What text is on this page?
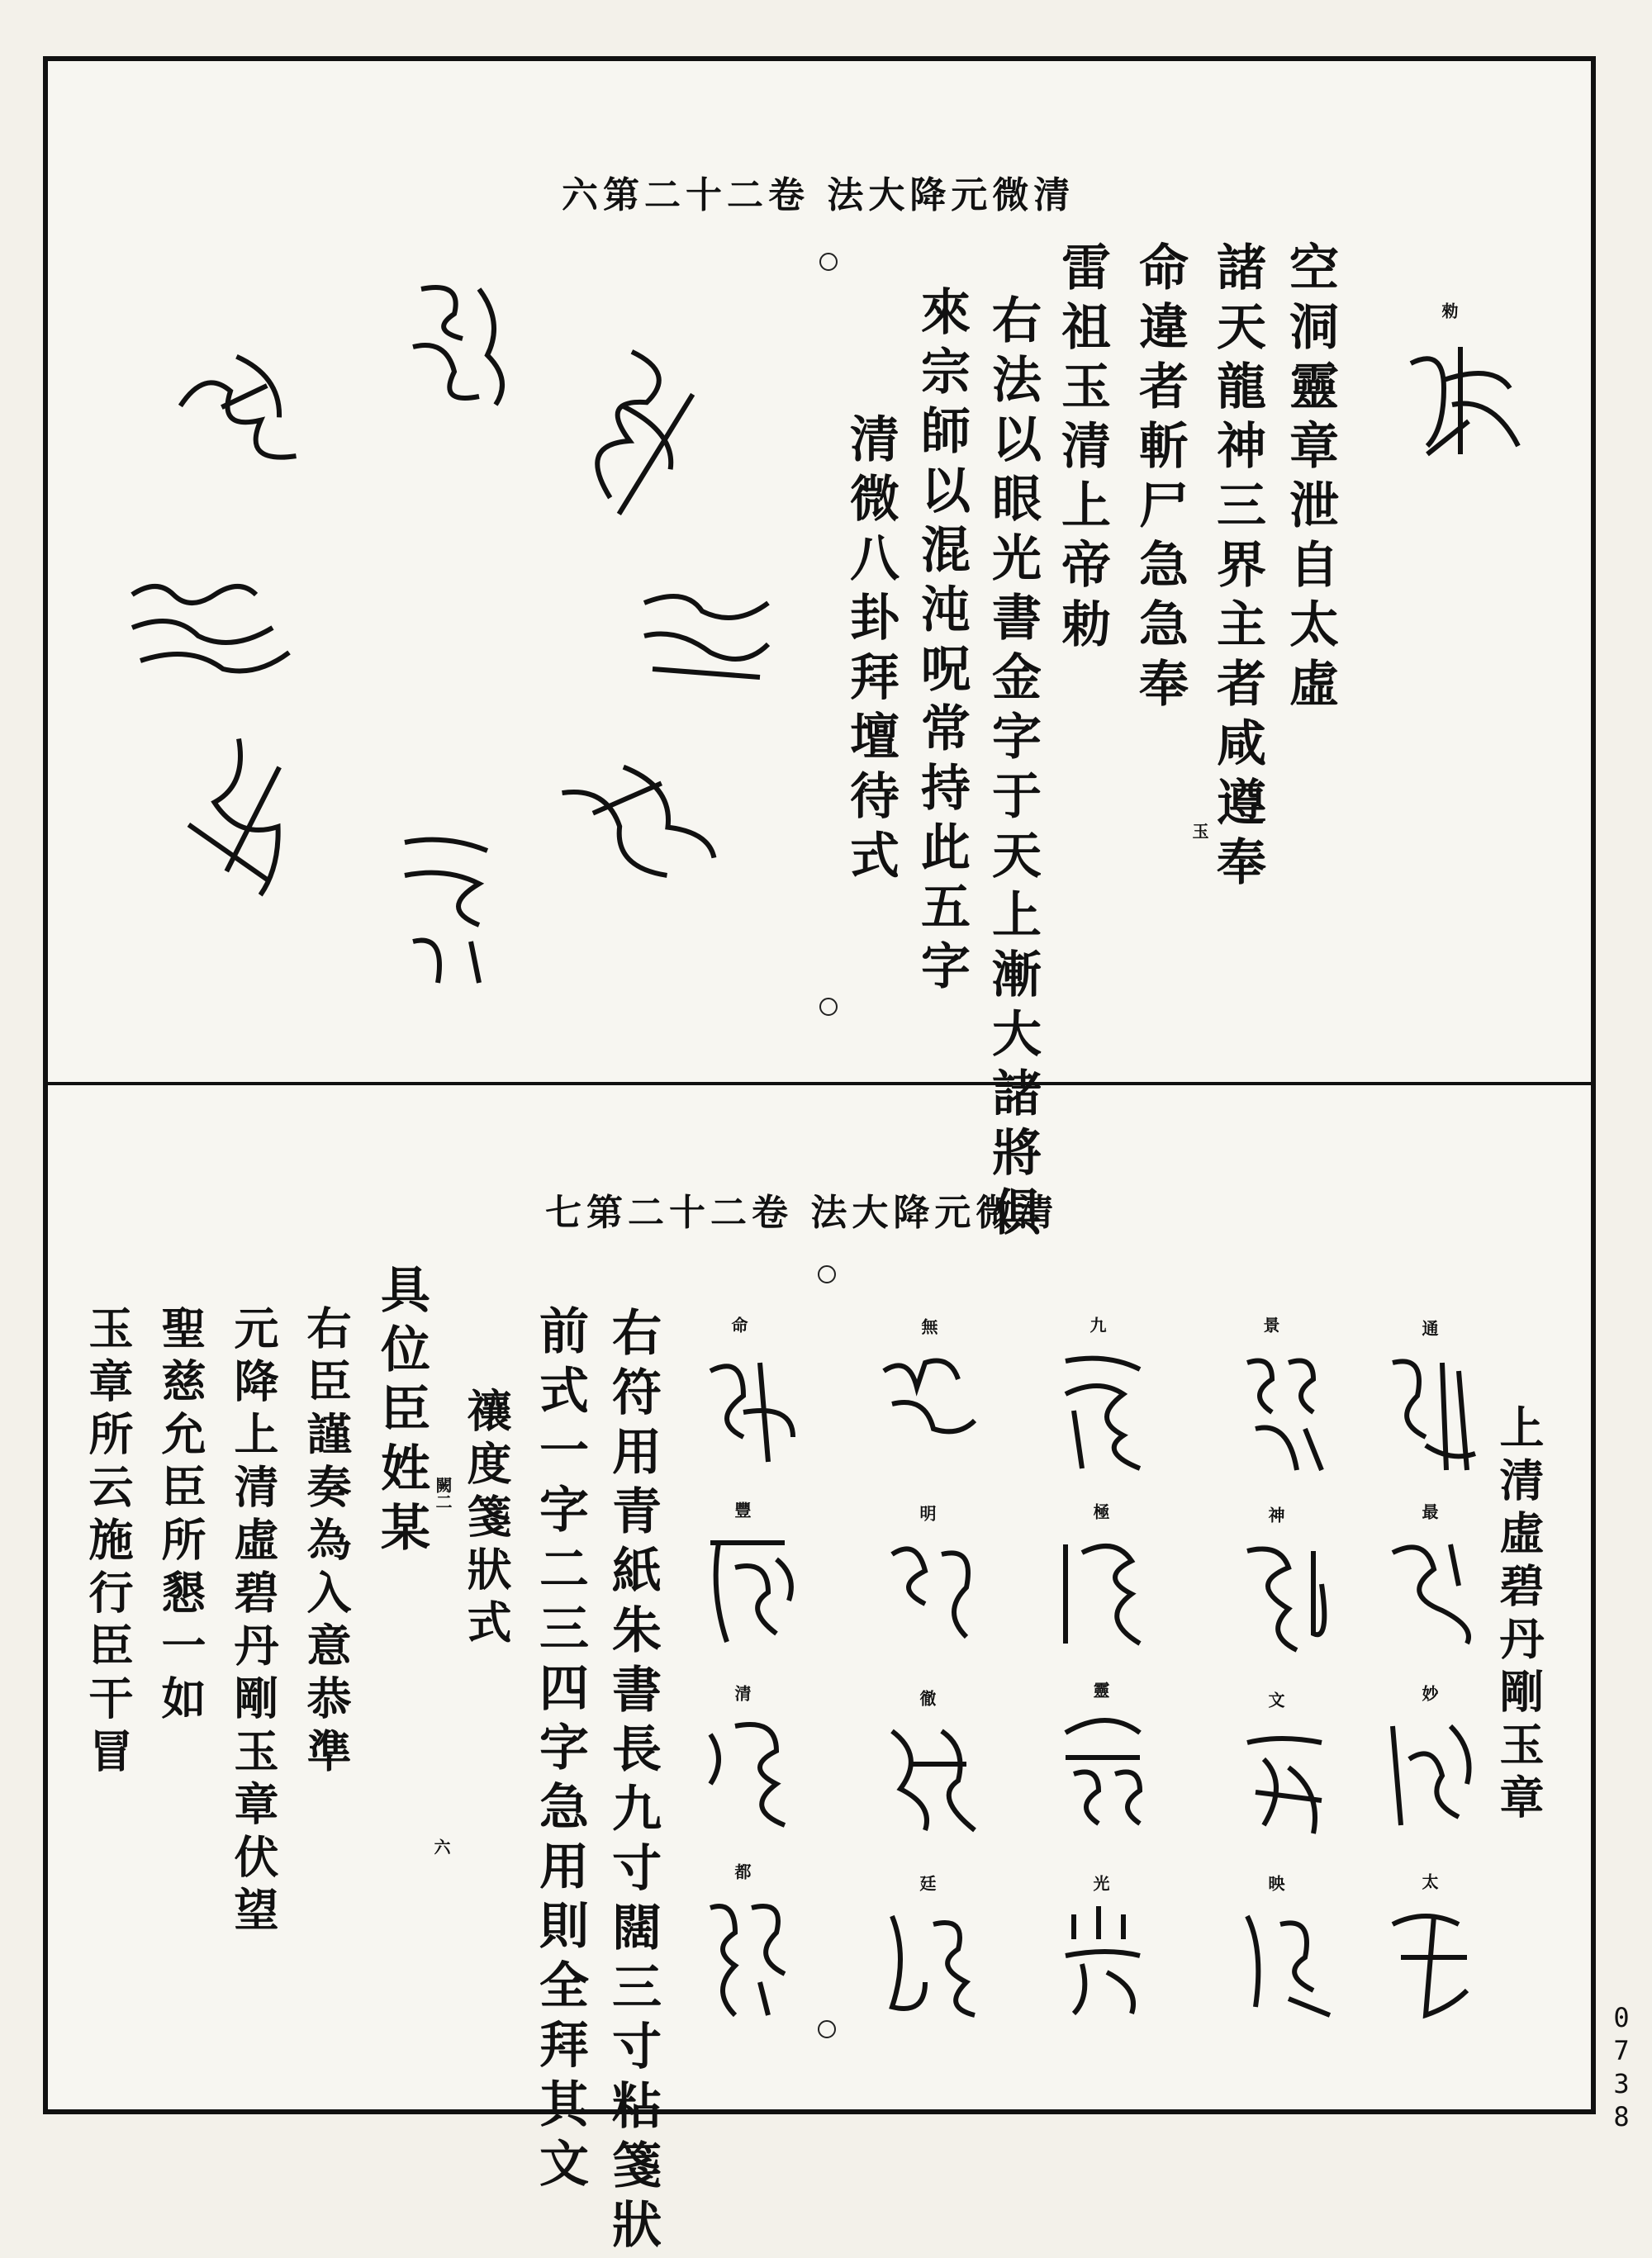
六第二十二卷 法大降元微清
空洞靈章泄自太虛
諸天龍神三界主者咸遵奉
命違者斬尸急急奉
雷祖玉清上帝勅
右法以眼光書金字于天上漸大諸將俱
來宗師以混沌呪常持此五字
清微八卦拜壇待式	玉
勑
七第二十二卷 法大降元微清
上清虛碧丹剛玉章
通
最
妙
太
景
神
文
映
九
極
靈
光
無
明
徹
廷
命
豐
清
都
右符用青紙朱書長九寸闊三寸粘箋狀
前式一字二三四字急用則全拜其文
禳度箋狀式
闕二
具位臣姓某
六
右臣謹奏為入意恭準
元降上清虛碧丹剛玉章伏望
聖慈允臣所懇一如
玉章所云施行臣干冒
0738
